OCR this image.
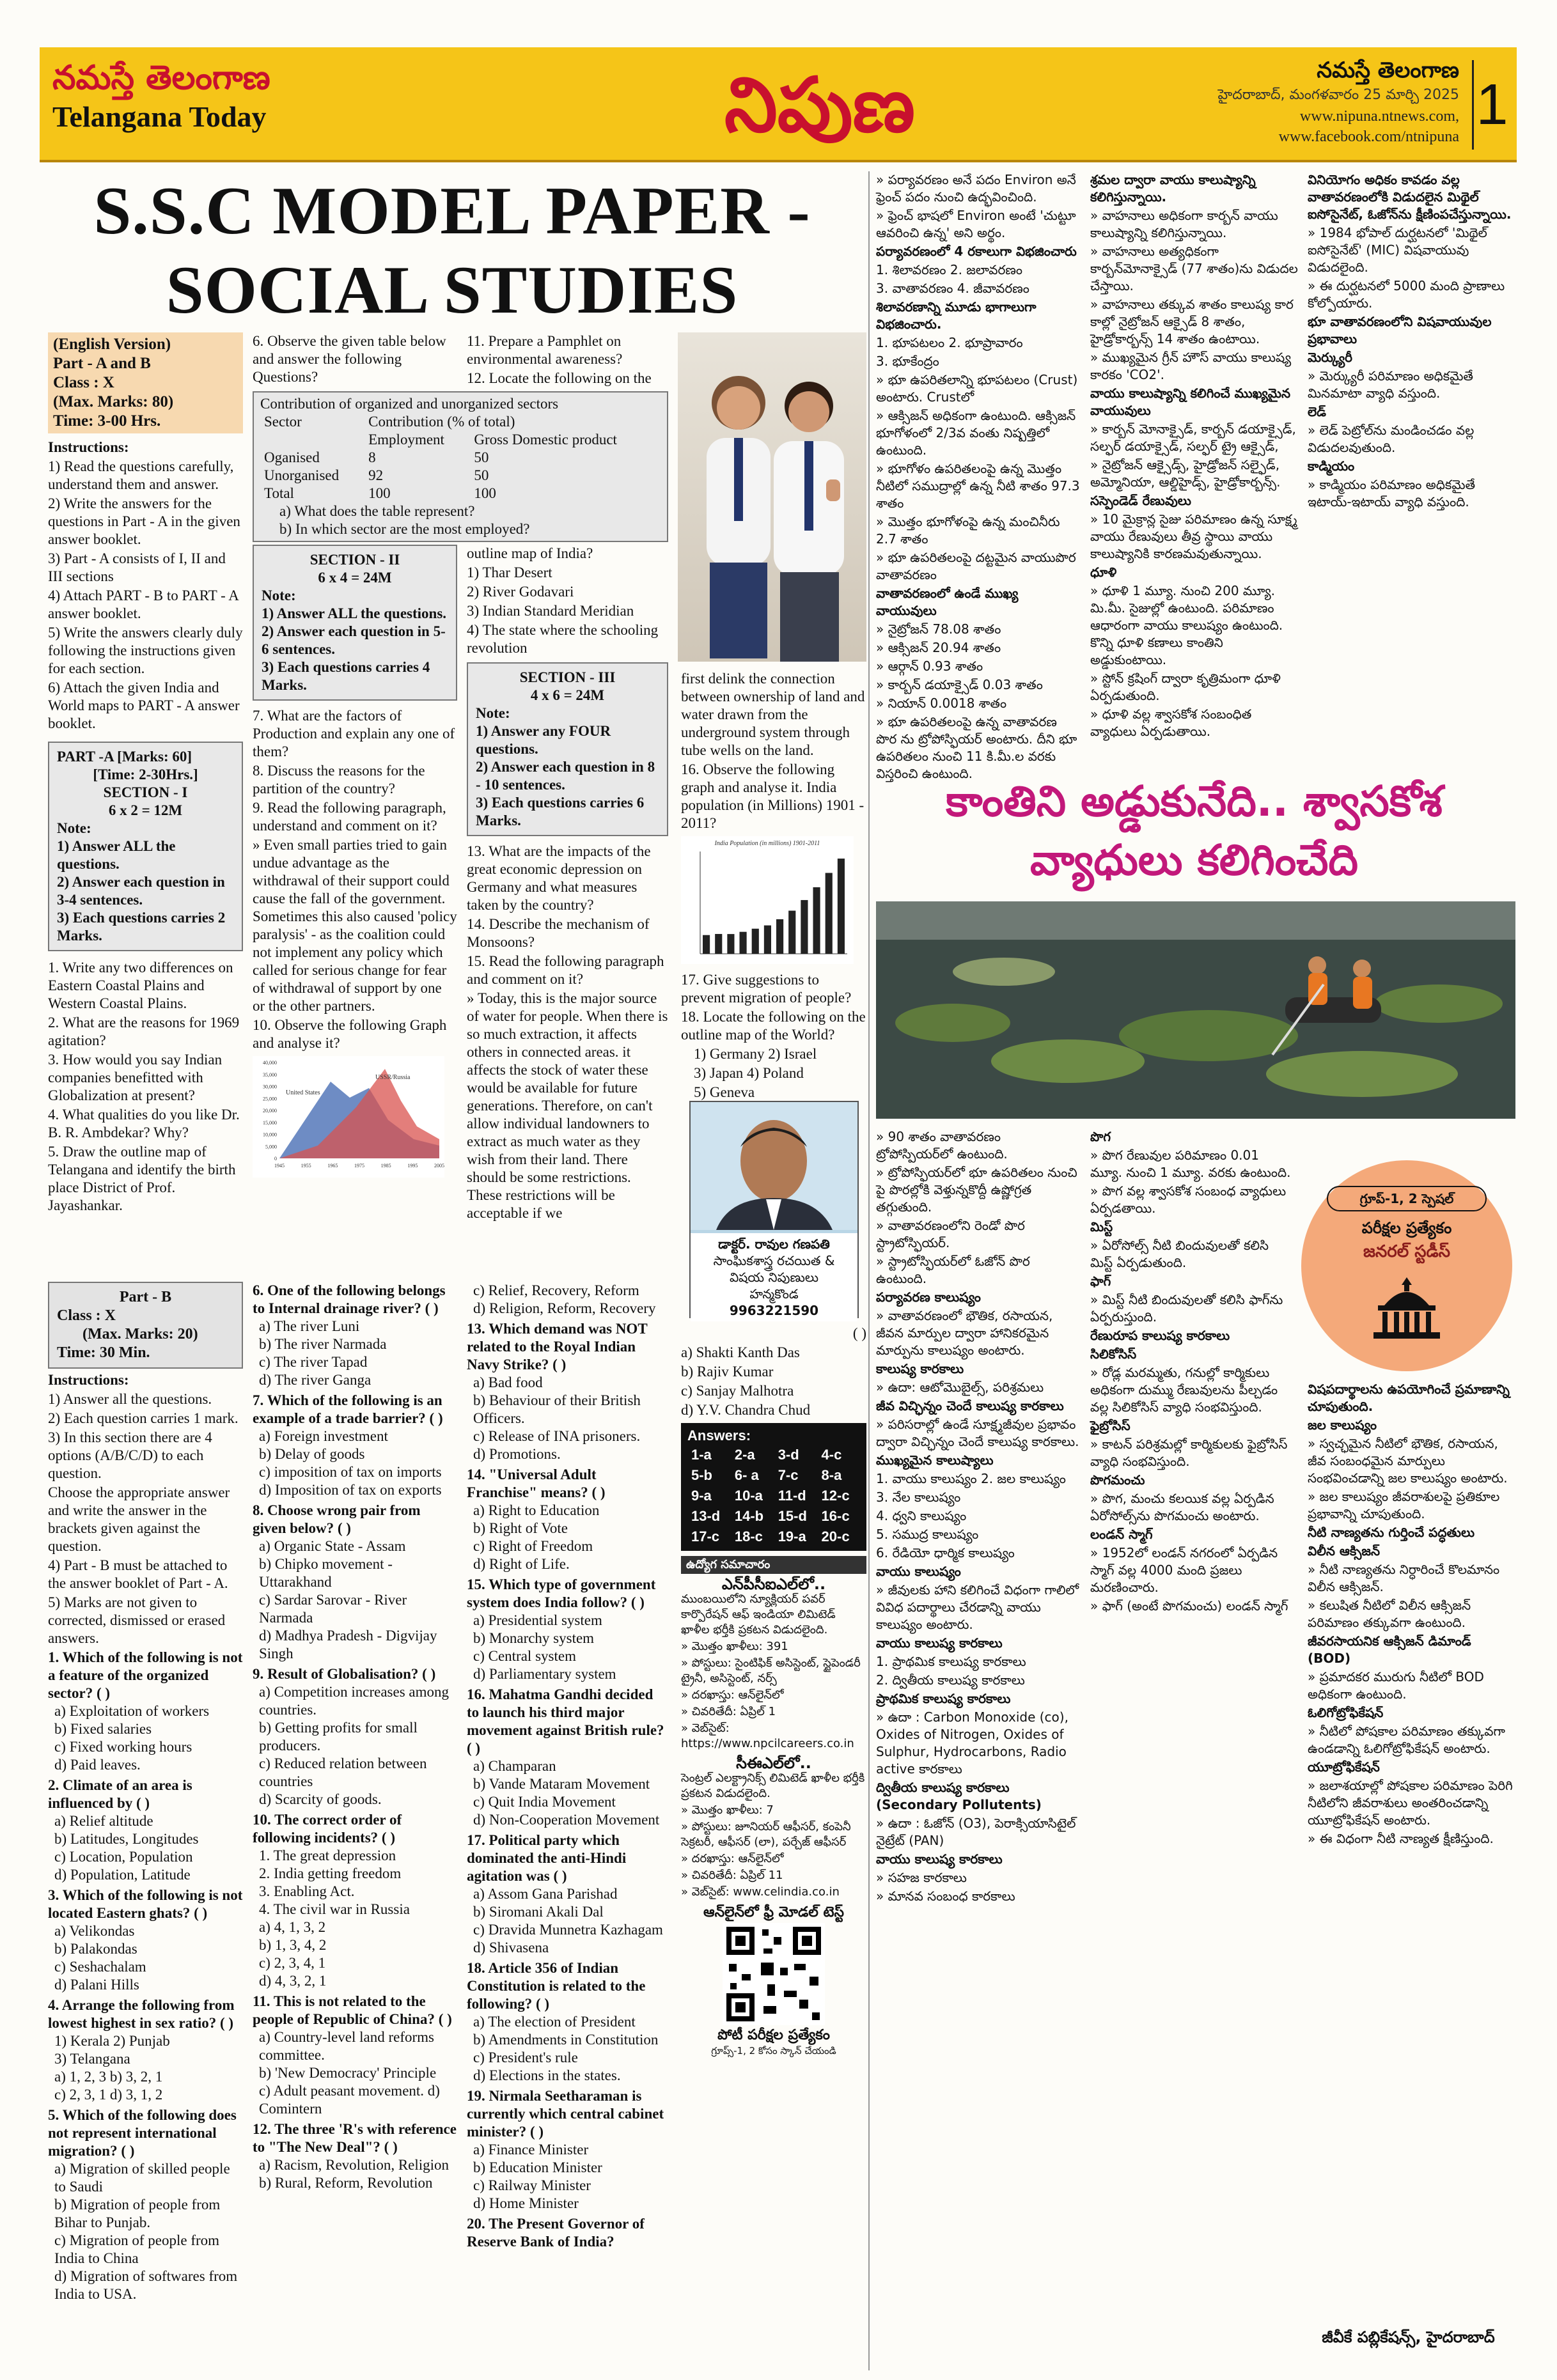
నమస్తే తెలంగాణ
Telangana Today	నిపుణ	నమస్తే తెలంగాణ
హైదరాబాద్, మంగళవారం 25 మార్చి 2025
www.nipuna.ntnews.com,
www.facebook.com/ntnipuna 1
S.S.C MODEL PAPER -
SOCIAL STUDIES
(English Version)
Part - A and B
Class : X
(Max. Marks: 80)
Time: 3-00 Hrs.

Instructions:

1) Read the questions carefully, understand them and answer.
2) Write the answers for the questions in Part - A in the given answer booklet.
3) Part - A consists of I, II and III sections
4) Attach PART - B to PART - A answer booklet.
5) Write the answers clearly duly following the instructions given for each section.
6) Attach the given India and World maps to PART - A answer booklet.
PART -A [Marks: 60]
[Time: 2-30Hrs.]
SECTION - I
6 x 2 = 12M
Note:
1) Answer ALL the questions.
2) Answer each question in 3-4 sentences.
3) Each questions carries 2 Marks.
1. Write any two differences on Eastern Coastal Plains and Western Coastal Plains.
2. What are the reasons for 1969 agitation?
3. How would you say Indian companies benefitted with Globalization at present?
4. What qualities do you like Dr. B. R. Ambdekar? Why?
5. Draw the outline map of Telangana and identify the birth place District of Prof. Jayashankar.

6. Observe the given table below and answer the following Questions?

Contribution of organized and unorganized sectors
Sector	Contribution (% of total)	
	Employment	Gross Domestic product
Oganised	8	50
Unorganised	92	50
Total	100	100
a) What does the table represent?
b) In which sector are the most employed?

11. Prepare a Pamphlet on environmental awareness?

12. Locate the following on the

SECTION - II
6 x 4 = 24M
Note:
1) Answer ALL the questions.
2) Answer each question in 5-6 sentences.
3) Each questions carries 4 Marks.
7. What are the factors of Production and explain any one of them?
8. Discuss the reasons for the partition of the country?
9. Read the following paragraph, understand and comment on it?
» Even small parties tried to gain undue advantage as the withdrawal of their support could cause the fall of the government. Sometimes this also caused 'policy paralysis' - as the coalition could not implement any policy which called for serious change for fear of withdrawal of support by one or the other partners.
10. Observe the following Graph and analyse it?
40,000
35,000
30,000
25,000
20,000
15,000
10,000
5,000
0
1945	1955	1965	1975	1985	1995	2005
USSR/Russia
United States

outline map of India?

1) Thar Desert

2) River Godavari

3) Indian Standard Meridian

4) The state where the schooling revolution

SECTION - III
4 x 6 = 24M
Note:
1) Answer any FOUR questions.
2) Answer each question in 8 - 10 sentences.
3) Each questions carries 6 Marks.
13. What are the impacts of the great economic depression on Germany and what measures taken by the country?
14. Describe the mechanism of Monsoons?
15. Read the following paragraph and comment on it?
» Today, this is the major source of water for people. When there is so much extraction, it affects others in connected areas. it affects the stock of water these would be available for future generations. Therefore, on can't allow individual landowners to extract as much water as they wish from their land. There should be some restrictions. These restrictions will be acceptable if we

first delink the connection between ownership of land and water drawn from the underground system through tube wells on the land.

16. Observe the following graph and analyse it. India population (in Millions) 1901 - 2011?

India Population (in millions) 1901-2011

17. Give suggestions to prevent migration of people?

18. Locate the following on the outline map of the World?

1) Germany 2) Israel

3) Japan 4) Poland

5) Geneva

డాక్టర్. రావుల గణపతి
సాంఘికశాస్త్ర రచయిత &
విషయ నిపుణులు
హన్మకొండ
9963221590
Part - B
Class : X
(Max. Marks: 20)
Time: 30 Min.
Instructions:
1) Answer all the questions.
2) Each question carries 1 mark.
3) In this section there are 4 options (A/B/C/D) to each question.
Choose the appropriate answer and write the answer in the brackets given against the question.
4) Part - B must be attached to the answer booklet of Part - A.
5) Marks are not given to corrected, dismissed or erased answers.
1. Which of the following is not a feature of the organized sector? ( )
a) Exploitation of workers
b) Fixed salaries
c) Fixed working hours
d) Paid leaves.
2. Climate of an area is influenced by ( )
a) Relief altitude
b) Latitudes, Longitudes
c) Location, Population
d) Population, Latitude
3. Which of the following is not located Eastern ghats? ( )
a) Velikondas
b) Palakondas
c) Seshachalam
d) Palani Hills
4. Arrange the following from lowest highest in sex ratio? ( )
1) Kerala 2) Punjab
3) Telangana
a) 1, 2, 3 b) 3, 2, 1
c) 2, 3, 1 d) 3, 1, 2
5. Which of the following does not represent international migration? ( )
a) Migration of skilled people to Saudi
b) Migration of people from Bihar to Punjab.
c) Migration of people from India to China
d) Migration of softwares from India to USA.
6. One of the following belongs to Internal drainage river? ( )
a) The river Luni
b) The river Narmada
c) The river Tapad
d) The river Ganga
7. Which of the following is an example of a trade barrier? ( )
a) Foreign investment
b) Delay of goods
c) imposition of tax on imports
d) Imposition of tax on exports
8. Choose wrong pair from given below? ( )
a) Organic State - Assam
b) Chipko movement - Uttarakhand
c) Sardar Sarovar - River Narmada
d) Madhya Pradesh - Digvijay Singh
9. Result of Globalisation? ( )
a) Competition increases among countries.
b) Getting profits for small producers.
c) Reduced relation between countries
d) Scarcity of goods.
10. The correct order of following incidents? ( )
1. The great depression
2. India getting freedom
3. Enabling Act.
4. The civil war in Russia
a) 4, 1, 3, 2
b) 1, 3, 4, 2
c) 2, 3, 4, 1
d) 4, 3, 2, 1
11. This is not related to the people of Republic of China? ( )
a) Country-level land reforms committee.
b) 'New Democracy' Principle
c) Adult peasant movement. d) Comintern
12. The three 'R's with reference to "The New Deal"? ( )
a) Racism, Revolution, Religion
b) Rural, Reform, Revolution
c) Relief, Recovery, Reform
d) Religion, Reform, Recovery
13. Which demand was NOT related to the Royal Indian Navy Strike? ( )
a) Bad food
b) Behaviour of their British Officers.
c) Release of INA prisoners.
d) Promotions.
14. "Universal Adult Franchise" means? ( )
a) Right to Education
b) Right of Vote
c) Right of Freedom
d) Right of Life.
15. Which type of government system does India follow? ( )
a) Presidential system
b) Monarchy system
c) Central system
d) Parliamentary system
16. Mahatma Gandhi decided to launch his third major movement against British rule? ( )
a) Champaran
b) Vande Mataram Movement
c) Quit India Movement
d) Non-Cooperation Movement
17. Political party which dominated the anti-Hindi agitation was ( )
a) Assom Gana Parishad
b) Siromani Akali Dal
c) Dravida Munnetra Kazhagam
d) Shivasena
18. Article 356 of Indian Constitution is related to the following? ( )
a) The election of President
b) Amendments in Constitution
c) President's rule
d) Elections in the states.
19. Nirmala Seetharaman is currently which central cabinet minister? ( )
a) Finance Minister
b) Education Minister
c) Railway Minister
d) Home Minister
20. The Present Governor of Reserve Bank of India?

( )

a) Shakti Kanth Das

b) Rajiv Kumar

c) Sanjay Malhotra

d) Y.V. Chandra Chud

Answers:
1-a	2-a	3-d	4-c
5-b	6- a	7-c	8-a
9-a	10-a	11-d	12-c
13-d	14-b	15-d	16-c
17-c	18-c	19-a	20-c
ఉద్యోగ సమాచారం
ఎన్‌పీసీఐఎల్‌లో..

ముంబయిలోని న్యూక్లియర్ పవర్ కార్పొరేషన్ ఆఫ్ ఇండియా లిమిటెడ్ ఖాళీల భర్తీకి ప్రకటన విడుదలైంది.

» మొత్తం ఖాళీలు: 391

» పోస్టులు: సైంటిఫిక్ అసిస్టెంట్, స్టైపెండరీ ట్రైనీ, అసిస్టెంట్, నర్స్

» దరఖాస్తు: ఆన్‌లైన్‌లో

» చివరితేదీ: ఏప్రిల్ 1

» వెబ్‌సైట్: https://www.npcilcareers.co.in

సీఈఎల్‌లో..

సెంట్రల్ ఎలక్ట్రానిక్స్ లిమిటెడ్ ఖాళీల భర్తీకి ప్రకటన విడుదలైంది.

» మొత్తం ఖాళీలు: 7

» పోస్టులు: జూనియర్ ఆఫీసర్, కంపెనీ సెక్రటరీ, ఆఫీసర్ (లా), పర్చేజ్ ఆఫీసర్

» దరఖాస్తు: ఆన్‌లైన్‌లో

» చివరితేదీ: ఏప్రిల్ 11

» వెబ్‌సైట్: www.celindia.co.in

ఆన్‌లైన్‌లో ఫ్రీ మోడల్ టెస్ట్
పోటీ పరీక్షల ప్రత్యేకం
గ్రూప్స్-1, 2 కోసం స్కాన్ చేయండి

» పర్యావరణం అనే పదం Environ అనే ఫ్రెంచ్ పదం నుంచి ఉద్భవించింది.

» ఫ్రెంచ్ భాషలో Environ అంటే 'చుట్టూ ఆవరించి ఉన్న' అని అర్థం.

పర్యావరణంలో 4 రకాలుగా విభజించారు

1. శిలావరణం 2. జలావరణం

3. వాతావరణం 4. జీవావరణం

శిలావరణాన్ని మూడు భాగాలుగా విభజించారు.

1. భూపటలం 2. భూప్రావారం

3. భూకేంద్రం

» భూ ఉపరితలాన్ని భూపటలం (Crust) అంటారు. Crustలో

» ఆక్సిజన్ అధికంగా ఉంటుంది. ఆక్సిజన్ భూగోళంలో 2/3వ వంతు నిష్పత్తిలో ఉంటుంది.

» భూగోళం ఉపరితలంపై ఉన్న మొత్తం నీటిలో సముద్రాల్లో ఉన్న నీటి శాతం 97.3 శాతం

» మొత్తం భూగోళంపై ఉన్న మంచినీరు 2.7 శాతం

» భూ ఉపరితలంపై దట్టమైన వాయుపొర వాతావరణం

వాతావరణంలో ఉండే ముఖ్య వాయువులు

» నైట్రోజన్ 78.08 శాతం

» ఆక్సిజన్ 20.94 శాతం

» ఆర్గాన్ 0.93 శాతం

» కార్బన్ డయాక్సైడ్ 0.03 శాతం

» నియాన్ 0.0018 శాతం

» భూ ఉపరితలంపై ఉన్న వాతావరణ పొర ను ట్రోపోస్ఫియర్ అంటారు. దీని భూ ఉపరితలం నుంచి 11 కి.మీ.ల వరకు విస్తరించి ఉంటుంది.

శ్రమల ద్వారా వాయు కాలుష్యాన్ని కలిగిస్తున్నాయి.

» వాహనాలు అధికంగా కార్బన్ వాయు కాలుష్యాన్ని కలిగిస్తున్నాయి.

» వాహనాలు అత్యధికంగా కార్బన్‌మోనాక్సైడ్ (77 శాతం)ను విడుదల చేస్తాయి.

» వాహనాలు తక్కువ శాతం కాలుష్య కార కాల్లో నైట్రోజన్ ఆక్సైడ్ 8 శాతం, హైడ్రోకార్బన్స్ 14 శాతం ఉంటాయి.

» ముఖ్యమైన గ్రీన్ హౌస్ వాయు కాలుష్య కారకం 'CO2'.

వాయు కాలుష్యాన్ని కలిగించే ముఖ్యమైన వాయువులు

» కార్బన్ మోనాక్సైడ్, కార్బన్ డయాక్సైడ్, సల్ఫర్ డయాక్సైడ్, సల్ఫర్ ట్రై ఆక్సైడ్,

» నైట్రోజన్ ఆక్సైడ్స్, హైడ్రోజన్ సల్ఫైడ్, అమ్మోనియా, ఆల్డిహైడ్స్, హైడ్రోకార్బన్స్.

సస్పెండెడ్ రేణువులు

» 10 మైక్రాన్ల సైజు పరిమాణం ఉన్న సూక్ష్మ వాయు రేణువులు తీవ్ర స్థాయి వాయు కాలుష్యానికి కారణమవుతున్నాయి.

ధూళి

» ధూళి 1 మ్యూ. నుంచి 200 మ్యూ. మి.మీ. సైజుల్లో ఉంటుంది. పరిమాణం ఆధారంగా వాయు కాలుష్యం ఉంటుంది. కొన్ని ధూళి కణాలు కాంతిని అడ్డుకుంటాయి.

» స్టోన్ క్రషింగ్ ద్వారా కృత్రిమంగా ధూళి ఏర్పడుతుంది.

» ధూళి వల్ల శ్వాసకోశ సంబంధిత వ్యాధులు ఏర్పడుతాయి.

వినియోగం అధికం కావడం వల్ల వాతావరణంలోకి విడుదలైన మిథైల్ ఐసోసైనేట్, ఓజోన్‌ను క్షీణింపచేస్తున్నాయి.

» 1984 భోపాల్ దుర్ఘటనలో 'మిథైల్ ఐసోసైనేట్' (MIC) విషవాయువు విడుదలైంది.

» ఈ దుర్ఘటనలో 5000 మంది ప్రాణాలు కోల్పోయారు.

భూ వాతావరణంలోని విషవాయువుల ప్రభావాలు

మెర్క్యురీ

» మెర్క్యురీ పరిమాణం అధికమైతే మినమాటా వ్యాధి వస్తుంది.

లెడ్

» లెడ్ పెట్రోల్‌ను మండించడం వల్ల విడుదలవుతుంది.

కాడ్మియం

» కాడ్మియం పరిమాణం అధికమైతే ఇటాయ్-ఇటాయ్ వ్యాధి వస్తుంది.

కాంతిని అడ్డుకునేది.. శ్వాసకోశ
వ్యాధులు కలిగించేది

» 90 శాతం వాతావరణం ట్రోపోస్పియర్‌లో ఉంటుంది.

» ట్రోపోస్ఫియర్‌లో భూ ఉపరితలం నుంచి పై పొరల్లోకి వెళ్తున్నకొద్దీ ఉష్ణోగ్రత తగ్గుతుంది.

» వాతావరణంలోని రెండో పొర స్ట్రాటోస్ఫియర్.

» స్ట్రాటోస్ఫియర్‌లో ఓజోన్ పొర ఉంటుంది.

పర్యావరణ కాలుష్యం

» వాతావరణంలో భౌతిక, రసాయన, జీవన మార్పుల ద్వారా హానికరమైన మార్పును కాలుష్యం అంటారు.

కాలుష్య కారకాలు

» ఉదా: ఆటోమొబైల్స్, పరిశ్రమలు

జీవ విచ్ఛిన్నం చెందే కాలుష్య కారకాలు

» పరిసరాల్లో ఉండే సూక్ష్మజీవుల ప్రభావం ద్వారా విచ్ఛిన్నం చెందే కాలుష్య కారకాలు.

ముఖ్యమైన కాలుష్యాలు

1. వాయు కాలుష్యం 2. జల కాలుష్యం

3. నేల కాలుష్యం

4. ధ్వని కాలుష్యం

5. సముద్ర కాలుష్యం

6. రేడియో ధార్మిక కాలుష్యం

వాయు కాలుష్యం

» జీవులకు హాని కలిగించే విధంగా గాలిలో వివిధ పదార్థాలు చేరడాన్ని వాయు కాలుష్యం అంటారు.

వాయు కాలుష్య కారకాలు

1. ప్రాథమిక కాలుష్య కారకాలు

2. ద్వితీయ కాలుష్య కారకాలు

ప్రాథమిక కాలుష్య కారకాలు

» ఉదా : Carbon Monoxide (co), Oxides of Nitrogen, Oxides of Sulphur, Hydrocarbons, Radio active కారకాలు

ద్వితీయ కాలుష్య కారకాలు (Secondary Pollutents)

» ఉదా : ఓజోన్ (O3), పెరాక్సియాసిటైల్ నైట్రేట్ (PAN)

వాయు కాలుష్య కారకాలు

» సహజ కారకాలు

» మానవ సంబంధ కారకాలు

పొగ

» పొగ రేణువుల పరిమాణం 0.01 మ్యూ. నుంచి 1 మ్యూ. వరకు ఉంటుంది.

» పొగ వల్ల శ్వాసకోశ సంబంధ వ్యాధులు ఏర్పడతాయి.

మిస్ట్

» ఏరోసోల్స్ నీటి బిందువులతో కలిసి మిస్ట్ ఏర్పడుతుంది.

ఫాగ్

» మిస్ట్ నీటి బిందువులతో కలిసి ఫాగ్‌ను ఏర్పరుస్తుంది.

రేణురూప కాలుష్య కారకాలు

సిలికోసిస్

» రోడ్ల మరమ్మతు, గనుల్లో కార్మికులు అధికంగా దుమ్ము రేణువులను పీల్చడం వల్ల సిలికోసిస్ వ్యాధి సంభవిస్తుంది.

ఫైబ్రోసిస్

» కాటన్ పరిశ్రమల్లో కార్మికులకు ఫైబ్రోసిస్ వ్యాధి సంభవిస్తుంది.

పొగమంచు

» పొగ, మంచు కలయిక వల్ల ఏర్పడిన ఏరోసోల్స్‌ను పొగమంచు అంటారు.

లండన్ స్మాగ్

» 1952లో లండన్ నగరంలో ఏర్పడిన స్మాగ్ వల్ల 4000 మంది ప్రజలు మరణించారు.

» ఫాగ్ (అంటే పొగమంచు) లండన్ స్మాగ్

గ్రూప్-1, 2 స్పెషల్
పరీక్షల ప్రత్యేకం
జనరల్ స్టడీస్

విషపదార్థాలను ఉపయోగించే ప్రమాణాన్ని చూపుతుంది.

జల కాలుష్యం

» స్వచ్ఛమైన నీటిలో భౌతిక, రసాయన, జీవ సంబంధమైన మార్పులు సంభవించడాన్ని జల కాలుష్యం అంటారు.

» జల కాలుష్యం జీవరాశులపై ప్రతికూల ప్రభావాన్ని చూపుతుంది.

నీటి నాణ్యతను గుర్తించే పద్ధతులు

విలీన ఆక్సిజన్

» నీటి నాణ్యతను నిర్ధారించే కొలమానం విలీన ఆక్సిజన్.

» కలుషిత నీటిలో విలీన ఆక్సిజన్ పరిమాణం తక్కువగా ఉంటుంది.

జీవరసాయనిక ఆక్సిజన్ డిమాండ్ (BOD)

» ప్రమాదకర మురుగు నీటిలో BOD అధికంగా ఉంటుంది.

ఓలిగోట్రోఫికేషన్

» నీటిలో పోషకాల పరిమాణం తక్కువగా ఉండడాన్ని ఓలిగోట్రోఫికేషన్ అంటారు.

యూట్రోఫికేషన్

» జలాశయాల్లో పోషకాల పరిమాణం పెరిగి నీటిలోని జీవరాశులు అంతరించడాన్ని యూట్రోఫికేషన్ అంటారు.

» ఈ విధంగా నీటి నాణ్యత క్షీణిస్తుంది.

జీవీకే పబ్లికేషన్స్, హైదరాబాద్
